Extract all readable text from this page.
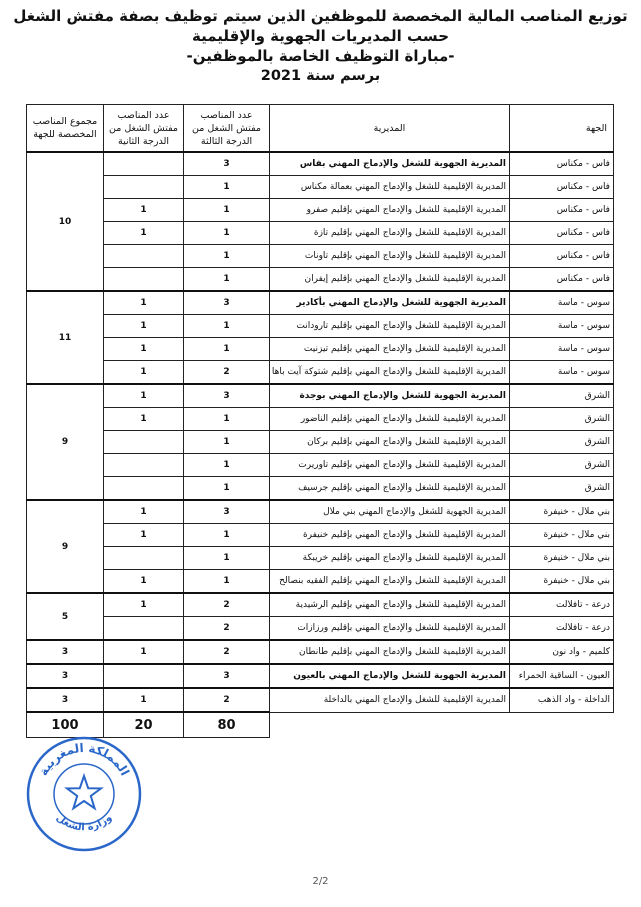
توزيع المناصب المالية المخصصة للموظفين الذين سيتم توظيف بصفة مفتش الشغل
حسب المديريات الجهوية والإقليمية
-مباراة التوظيف الخاصة بالموظفين-
برسم سنة 2021
الجهة	المديرية	عدد المناصب مفتش الشغل من الدرجة الثالثة	عدد المناصب مفتش الشغل من الدرجة الثانية	مجموع المناصب المخصصة للجهة
فاس - مكناس	المديرية الجهوية للشغل والإدماج المهني بفاس	3		10
فاس - مكناس	المديرية الإقليمية للشغل والإدماج المهني بعمالة مكناس	1		
فاس - مكناس	المديرية الإقليمية للشغل والإدماج المهني بإقليم صفرو	1	1	
فاس - مكناس	المديرية الإقليمية للشغل والإدماج المهني بإقليم تازة	1	1	
فاس - مكناس	المديرية الإقليمية للشغل والإدماج المهني بإقليم تاونات	1		
فاس - مكناس	المديرية الإقليمية للشغل والإدماج المهني بإقليم إيفران	1		
سوس - ماسة	المديرية الجهوية للشغل والإدماج المهني بأكادير	3	1	11
سوس - ماسة	المديرية الإقليمية للشغل والإدماج المهني بإقليم تارودانت	1	1	
سوس - ماسة	المديرية الإقليمية للشغل والإدماج المهني بإقليم تيزنيت	1	1	
سوس - ماسة	المديرية الإقليمية للشغل والإدماج المهني بإقليم شتوكة آيت باها	2	1	
الشرق	المديرية الجهوية للشغل والإدماج المهني بوجدة	3	1	9
الشرق	المديرية الإقليمية للشغل والإدماج المهني بإقليم الناضور	1	1	
الشرق	المديرية الإقليمية للشغل والإدماج المهني بإقليم بركان	1		
الشرق	المديرية الإقليمية للشغل والإدماج المهني بإقليم تاوريرت	1		
الشرق	المديرية الإقليمية للشغل والإدماج المهني بإقليم جرسيف	1		
بني ملال - خنيفرة	المديرية الجهوية للشغل والإدماج المهني بني ملال	3	1	9
بني ملال - خنيفرة	المديرية الإقليمية للشغل والإدماج المهني بإقليم خنيفرة	1	1	
بني ملال - خنيفرة	المديرية الإقليمية للشغل والإدماج المهني بإقليم خريبكة	1		
بني ملال - خنيفرة	المديرية الإقليمية للشغل والإدماج المهني بإقليم الفقيه بنصالح	1	1	
درعة - تافلالت	المديرية الإقليمية للشغل والإدماج المهني بإقليم الرشيدية	2	1	5
درعة - تافلالت	المديرية الإقليمية للشغل والإدماج المهني بإقليم ورزازات	2		
كلميم - واد نون	المديرية الإقليمية للشغل والإدماج المهني بإقليم طانطان	2	1	3
العيون - الساقية الحمراء	المديرية الجهوية للشغل والإدماج المهني بالعيون	3		3
الداخلة - واد الذهب	المديرية الإقليمية للشغل والإدماج المهني بالداخلة	2	1	3
		80	20	100
المملكة المغربية
وزارة الشغل
2/2
